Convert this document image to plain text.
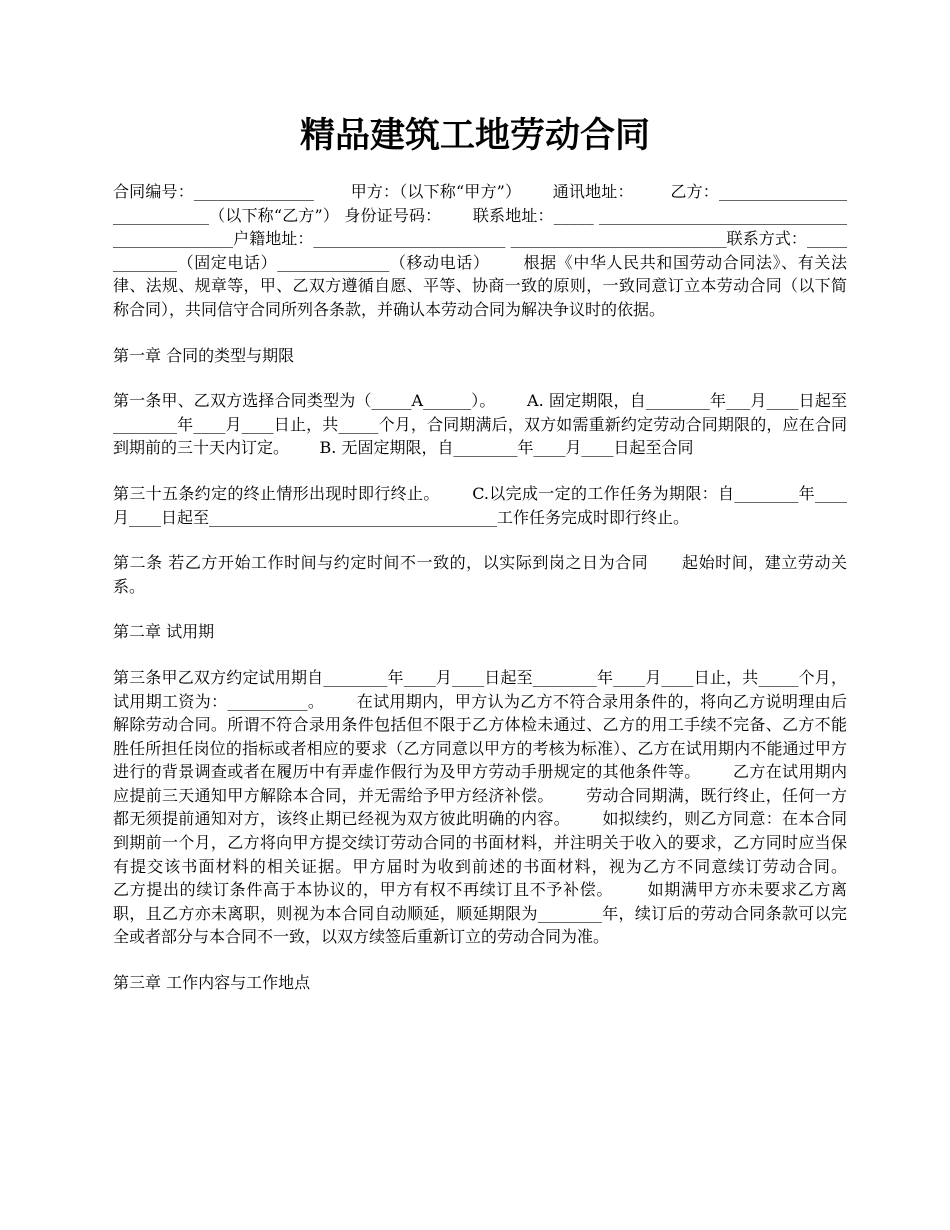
精品建筑工地劳动合同

合同编号：_______________       甲方：（以下称“甲方”）      通讯地址：       乙方：____________________________（以下称“乙方”） 身份证号码：      联系地址：_____ ______________________________________________户籍地址：________________________ ___________________________联系方式：_____________（固定电话）______________（移动电话）      根据《中华人民共和国劳动合同法》、有关法律、法规、规章等，甲、乙双方遵循自愿、平等、协商一致的原则，一致同意订立本劳动合同（以下简称合同），共同信守合同所列各条款，并确认本劳动合同为解决争议时的依据。

第一章 合同的类型与期限

第一条甲、乙双方选择合同类型为（_____A______）。      A. 固定期限，自________年___月____日起至________年____月____日止，共_____个月，合同期满后，双方如需重新约定劳动合同期限的，应在合同到期前的三十天内订定。      B. 无固定期限，自________年____月____日起至合同

第三十五条约定的终止情形出现时即行终止。      C.以完成一定的工作任务为期限：自________年____月____日起至____________________________________工作任务完成时即行终止。

第二条 若乙方开始工作时间与约定时间不一致的，以实际到岗之日为合同      起始时间，建立劳动关系。

第二章 试用期

第三条甲乙双方约定试用期自________年____月____日起至________年____月____日止，共_____个月，试用期工资为：__________。      在试用期内，甲方认为乙方不符合录用条件的，将向乙方说明理由后解除劳动合同。所谓不符合录用条件包括但不限于乙方体检未通过、乙方的用工手续不完备、乙方不能胜任所担任岗位的指标或者相应的要求（乙方同意以甲方的考核为标准）、乙方在试用期内不能通过甲方进行的背景调查或者在履历中有弄虚作假行为及甲方劳动手册规定的其他条件等。      乙方在试用期内应提前三天通知甲方解除本合同，并无需给予甲方经济补偿。      劳动合同期满，既行终止，任何一方都无须提前通知对方，该终止期已经视为双方彼此明确的内容。      如拟续约，则乙方同意：在本合同到期前一个月，乙方将向甲方提交续订劳动合同的书面材料，并注明关于收入的要求，乙方同时应当保有提交该书面材料的相关证据。甲方届时为收到前述的书面材料，视为乙方不同意续订劳动合同。      乙方提出的续订条件高于本协议的，甲方有权不再续订且不予补偿。      如期满甲方亦未要求乙方离职，且乙方亦未离职，则视为本合同自动顺延，顺延期限为________年，续订后的劳动合同条款可以完全或者部分与本合同不一致，以双方续签后重新订立的劳动合同为准。

第三章 工作内容与工作地点
